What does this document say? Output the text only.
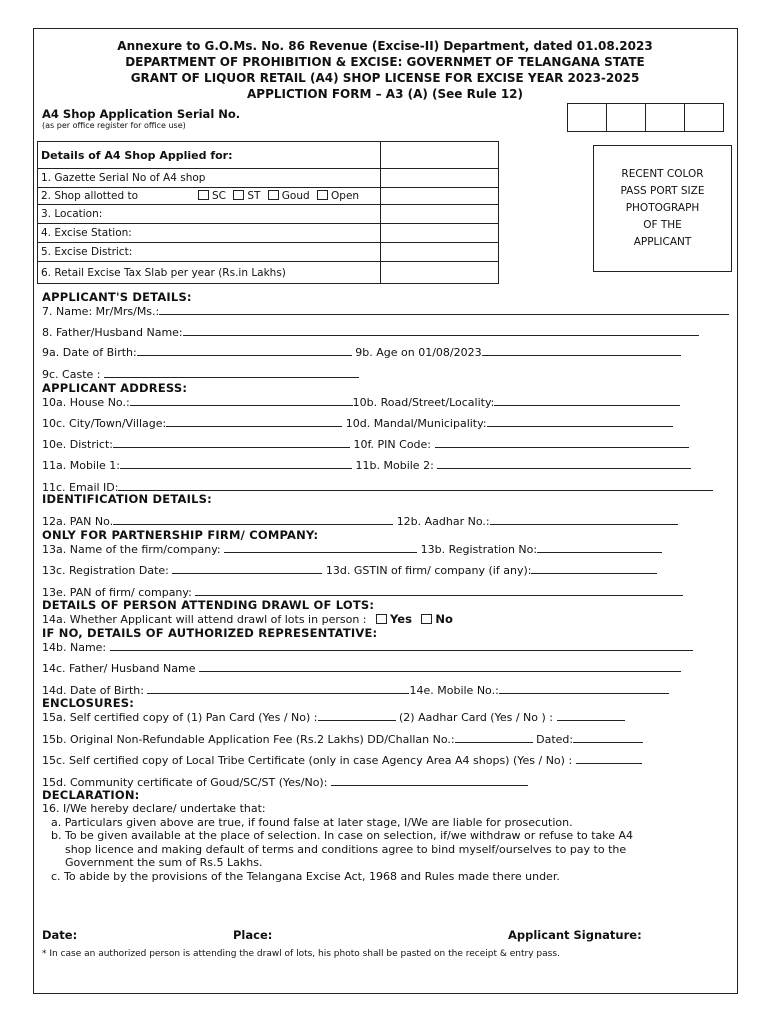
Annexure to G.O.Ms. No. 86 Revenue (Excise-II) Department, dated 01.08.2023
DEPARTMENT OF PROHIBITION & EXCISE: GOVERNMET OF TELANGANA STATE
GRANT OF LIQUOR RETAIL (A4) SHOP LICENSE FOR EXCISE YEAR 2023-2025
APPLICTION FORM – A3 (A) (See Rule 12)
A4 Shop Application Serial No.
(as per office register for office use)
Details of A4 Shop Applied for:	
1. Gazette Serial No of A4 shop	
2. Shop allotted to SC ST Goud Open	

3. Location:	
4. Excise Station:	
5. Excise District:	
6. Retail Excise Tax Slab per year (Rs.in Lakhs)	
RECENT COLOR
PASS PORT SIZE
PHOTOGRAPH
OF THE
APPLICANT
APPLICANT'S DETAILS:
7. Name: Mr/Mrs/Ms.:
8. Father/Husband Name:
9a. Date of Birth:	9b. Age on 01/08/2023
9c. Caste :
APPLICANT ADDRESS:
10a. House No.:	10b. Road/Street/Locality:
10c. City/Town/Village:	10d. Mandal/Municipality:
10e. District:	10f. PIN Code:
11a. Mobile 1:	11b. Mobile 2:
11c. Email ID:
IDENTIFICATION DETAILS:
12a. PAN No.	12b. Aadhar No.:
ONLY FOR PARTNERSHIP FIRM/ COMPANY:
13a. Name of the firm/company:	13b. Registration No:
13c. Registration Date:	13d. GSTIN of firm/ company (if any):
13e. PAN of firm/ company:
DETAILS OF PERSON ATTENDING DRAWL OF LOTS:
14a. Whether Applicant will attend drawl of lots in person : Yes No
IF NO, DETAILS OF AUTHORIZED REPRESENTATIVE:
14b. Name:
14c. Father/ Husband Name
14d. Date of Birth:	14e. Mobile No.:
ENCLOSURES:
15a. Self certified copy of (1) Pan Card (Yes / No) :	(2) Aadhar Card (Yes / No ) :
15b. Original Non-Refundable Application Fee (Rs.2 Lakhs) DD/Challan No.:	Dated:
15c. Self certified copy of Local Tribe Certificate (only in case Agency Area A4 shops) (Yes / No) :
15d. Community certificate of Goud/SC/ST (Yes/No):
DECLARATION:
16. I/We hereby declare/ undertake that:
a. Particulars given above are true, if found false at later stage, I/We are liable for prosecution.
b. To be given available at the place of selection. In case on selection, if/we withdraw or refuse to take A4
shop licence and making default of terms and conditions agree to bind myself/ourselves to pay to the
Government the sum of Rs.5 Lakhs.
c. To abide by the provisions of the Telangana Excise Act, 1968 and Rules made there under.
Date:	Place:	Applicant Signature:
* In case an authorized person is attending the drawl of lots, his photo shall be pasted on the receipt & entry pass.
